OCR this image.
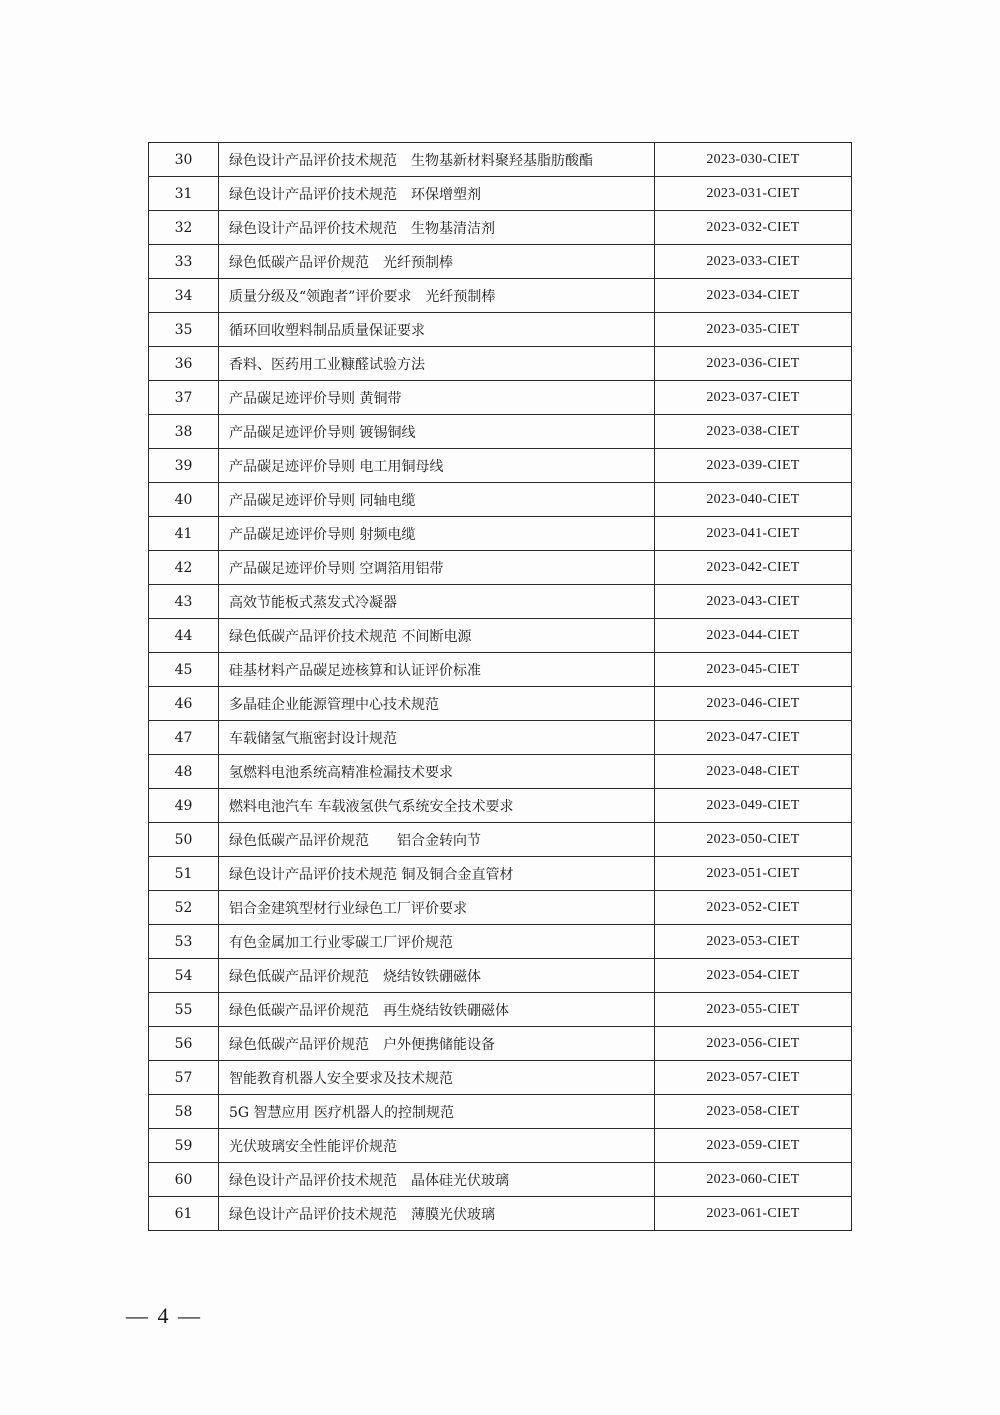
30	绿色设计产品评价技术规范　生物基新材料聚羟基脂肪酸酯	2023-030-CIET
31	绿色设计产品评价技术规范　环保增塑剂	2023-031-CIET
32	绿色设计产品评价技术规范　生物基清洁剂	2023-032-CIET
33	绿色低碳产品评价规范　光纤预制棒	2023-033-CIET
34	质量分级及“领跑者”评价要求　光纤预制棒	2023-034-CIET
35	循环回收塑料制品质量保证要求	2023-035-CIET
36	香料、医药用工业糠醛试验方法	2023-036-CIET
37	产品碳足迹评价导则 黄铜带	2023-037-CIET
38	产品碳足迹评价导则 镀锡铜线	2023-038-CIET
39	产品碳足迹评价导则 电工用铜母线	2023-039-CIET
40	产品碳足迹评价导则 同轴电缆	2023-040-CIET
41	产品碳足迹评价导则 射频电缆	2023-041-CIET
42	产品碳足迹评价导则 空调箔用铝带	2023-042-CIET
43	高效节能板式蒸发式冷凝器	2023-043-CIET
44	绿色低碳产品评价技术规范 不间断电源	2023-044-CIET
45	硅基材料产品碳足迹核算和认证评价标准	2023-045-CIET
46	多晶硅企业能源管理中心技术规范	2023-046-CIET
47	车载储氢气瓶密封设计规范	2023-047-CIET
48	氢燃料电池系统高精准检漏技术要求	2023-048-CIET
49	燃料电池汽车 车载液氢供气系统安全技术要求	2023-049-CIET
50	绿色低碳产品评价规范　　铝合金转向节	2023-050-CIET
51	绿色设计产品评价技术规范 铜及铜合金直管材	2023-051-CIET
52	铝合金建筑型材行业绿色工厂评价要求	2023-052-CIET
53	有色金属加工行业零碳工厂评价规范	2023-053-CIET
54	绿色低碳产品评价规范　烧结钕铁硼磁体	2023-054-CIET
55	绿色低碳产品评价规范　再生烧结钕铁硼磁体	2023-055-CIET
56	绿色低碳产品评价规范　户外便携储能设备	2023-056-CIET
57	智能教育机器人安全要求及技术规范	2023-057-CIET
58	5G 智慧应用 医疗机器人的控制规范	2023-058-CIET
59	光伏玻璃安全性能评价规范	2023-059-CIET
60	绿色设计产品评价技术规范　晶体硅光伏玻璃	2023-060-CIET
61	绿色设计产品评价技术规范　薄膜光伏玻璃	2023-061-CIET
— 4 —
